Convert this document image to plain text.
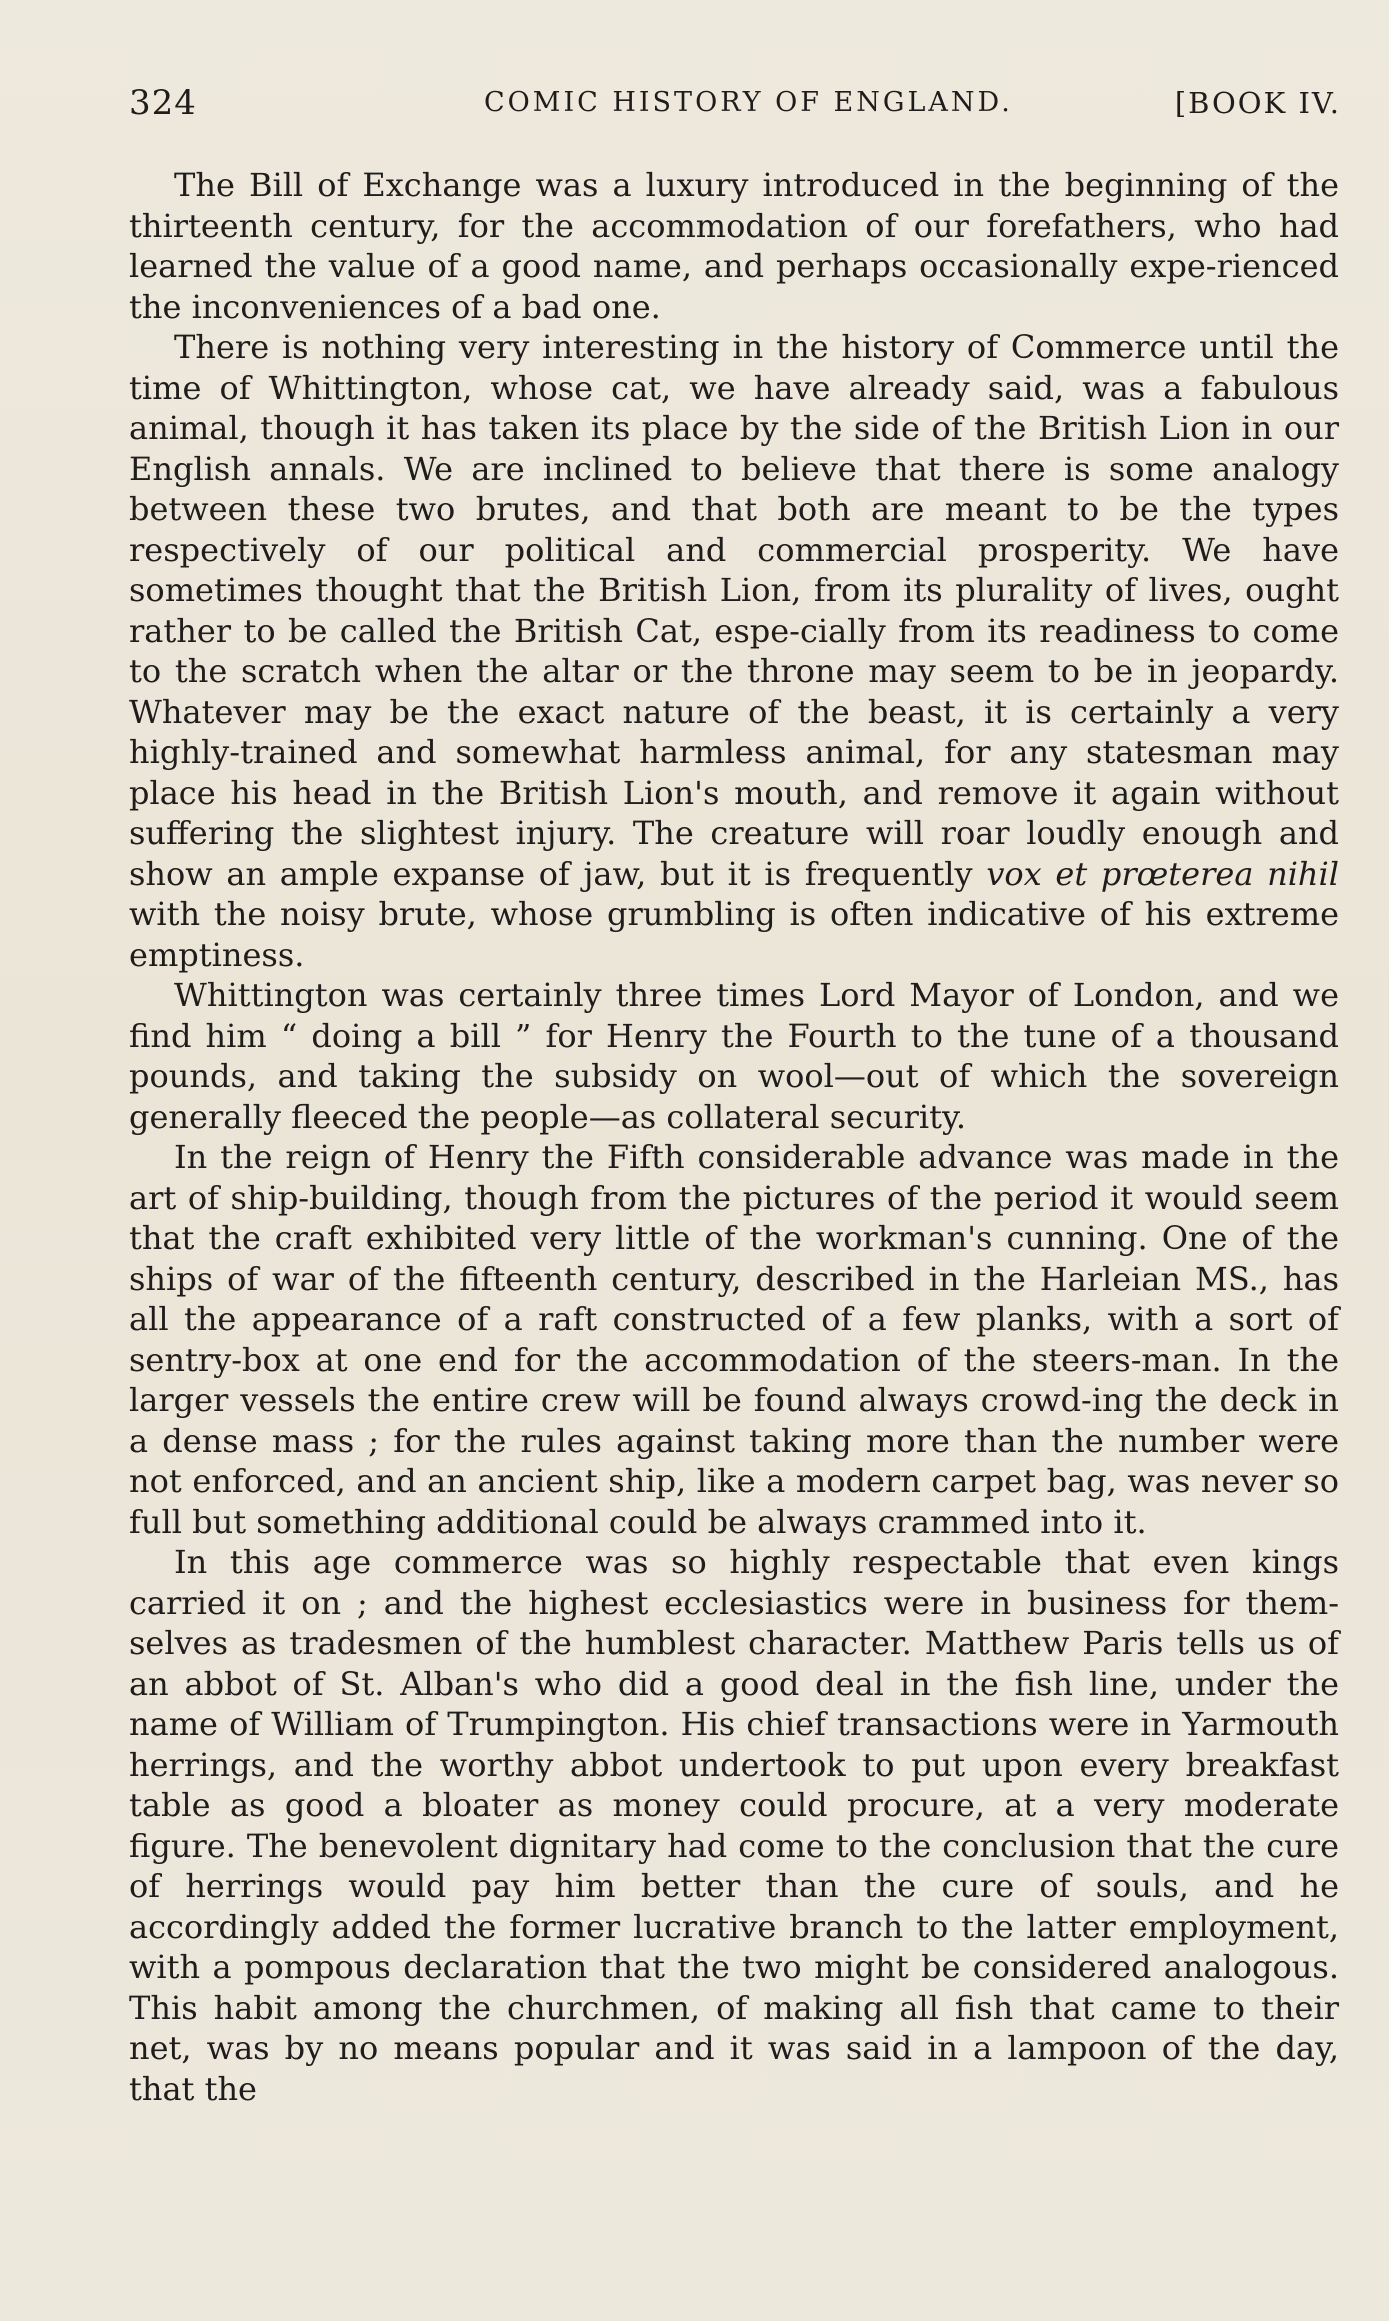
324	COMIC HISTORY OF ENGLAND.	[BOOK IV.

The Bill of Exchange was a luxury introduced in the beginning of the thirteenth century, for the accommodation of our forefathers, who had learned the value of a good name, and perhaps occasionally expe-rienced the inconveniences of a bad one.

There is nothing very interesting in the history of Commerce until the time of Whittington, whose cat, we have already said, was a fabulous animal, though it has taken its place by the side of the British Lion in our English annals. We are inclined to believe that there is some analogy between these two brutes, and that both are meant to be the types respectively of our political and commercial prosperity. We have sometimes thought that the British Lion, from its plurality of lives, ought rather to be called the British Cat, espe-cially from its readiness to come to the scratch when the altar or the throne may seem to be in jeopardy. Whatever may be the exact nature of the beast, it is certainly a very highly-trained and somewhat harmless animal, for any statesman may place his head in the British Lion's mouth, and remove it again without suffering the slightest injury. The creature will roar loudly enough and show an ample expanse of jaw, but it is frequently vox et prœterea nihil with the noisy brute, whose grumbling is often indicative of his extreme emptiness.

Whittington was certainly three times Lord Mayor of London, and we find him “ doing a bill ” for Henry the Fourth to the tune of a thousand pounds, and taking the subsidy on wool—out of which the sovereign generally fleeced the people—as collateral security.

In the reign of Henry the Fifth considerable advance was made in the art of ship-building, though from the pictures of the period it would seem that the craft exhibited very little of the workman's cunning. One of the ships of war of the fifteenth century, described in the Harleian MS., has all the appearance of a raft constructed of a few planks, with a sort of sentry-box at one end for the accommodation of the steers-man. In the larger vessels the entire crew will be found always crowd-ing the deck in a dense mass ; for the rules against taking more than the number were not enforced, and an ancient ship, like a modern carpet bag, was never so full but something additional could be always crammed into it.

In this age commerce was so highly respectable that even kings carried it on ; and the highest ecclesiastics were in business for them-selves as tradesmen of the humblest character. Matthew Paris tells us of an abbot of St. Alban's who did a good deal in the fish line, under the name of William of Trumpington. His chief transactions were in Yarmouth herrings, and the worthy abbot undertook to put upon every breakfast table as good a bloater as money could procure, at a very moderate figure. The benevolent dignitary had come to the conclusion that the cure of herrings would pay him better than the cure of souls, and he accordingly added the former lucrative branch to the latter employment, with a pompous declaration that the two might be considered analogous. This habit among the churchmen, of making all fish that came to their net, was by no means popular and it was said in a lampoon of the day, that the
